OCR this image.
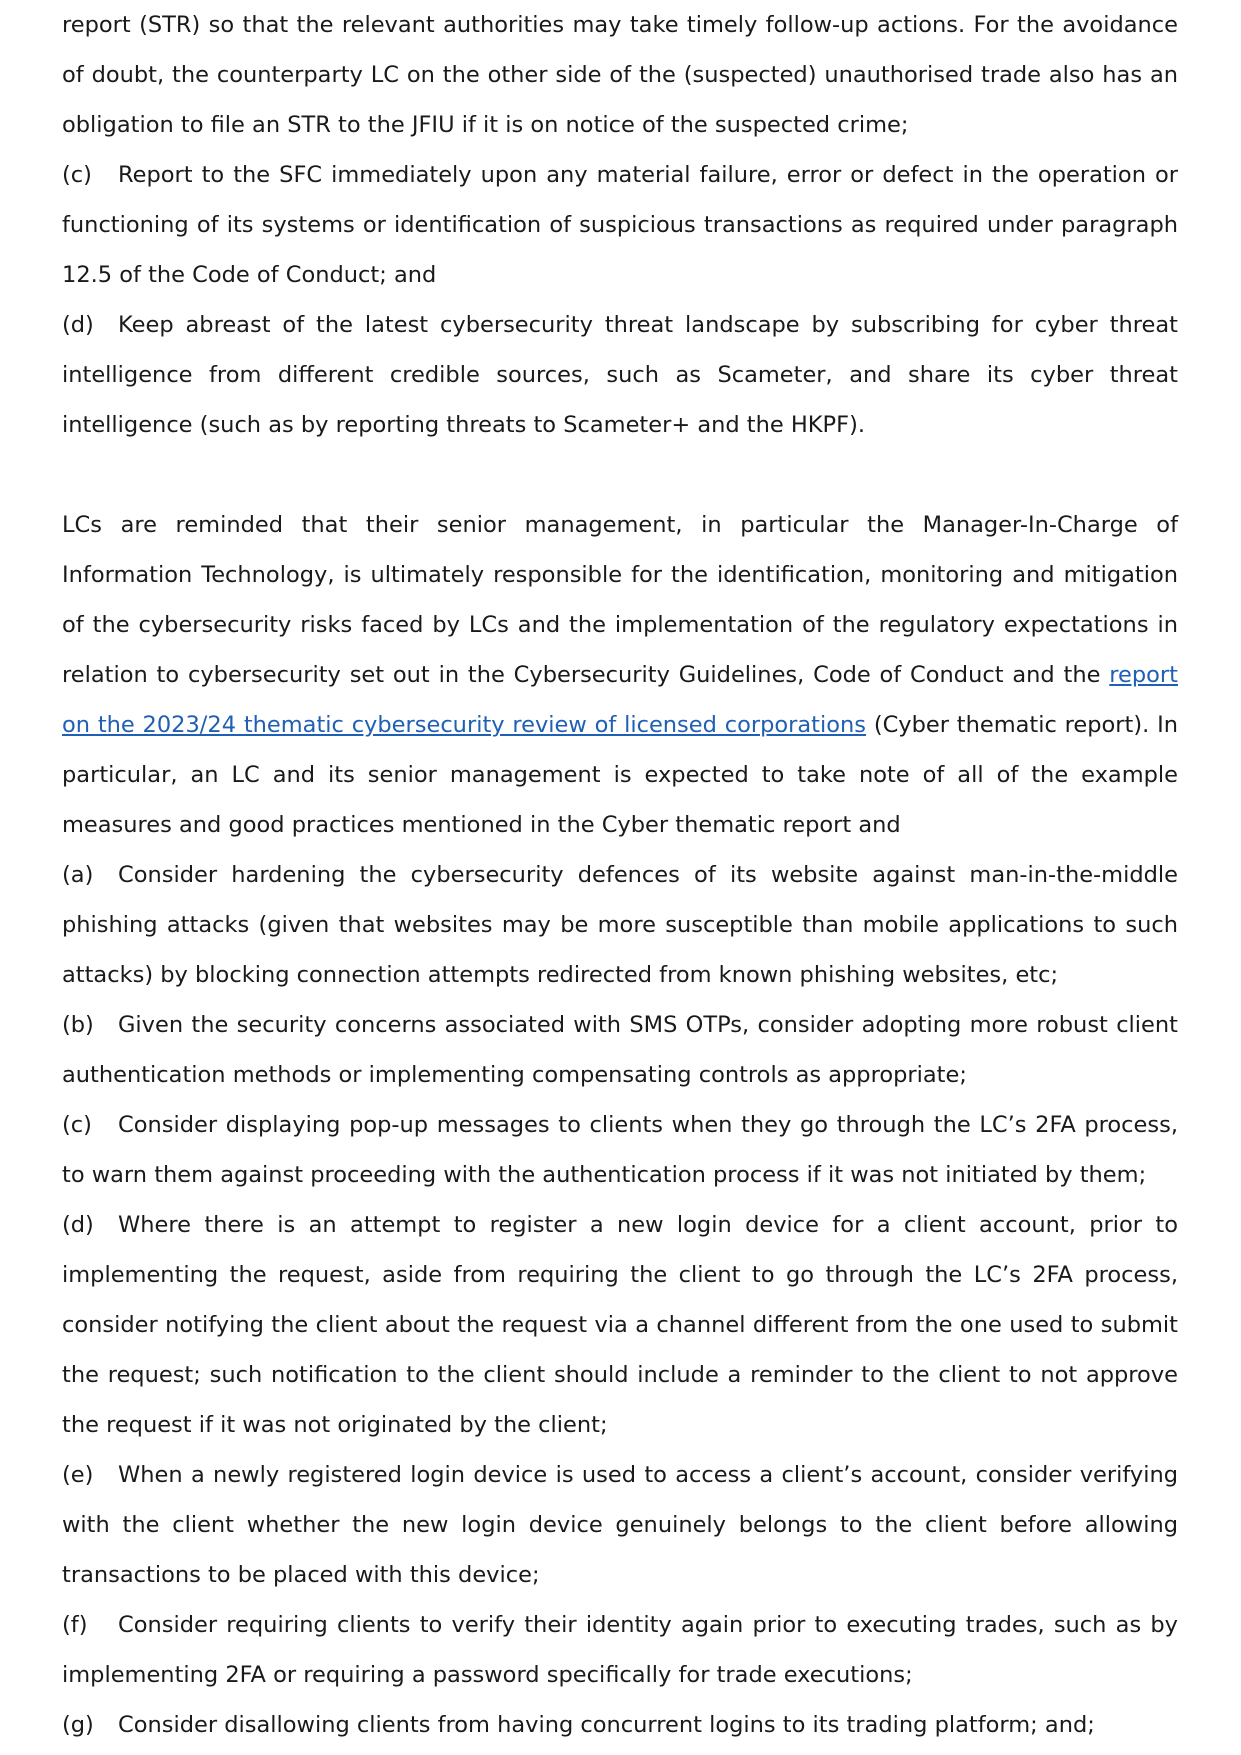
report (STR) so that the relevant authorities may take timely follow-up actions. For the avoidance of doubt, the counterparty LC on the other side of the (suspected) unauthorised trade also has an obligation to file an STR to the JFIU if it is on notice of the suspected crime;

(c) Report to the SFC immediately upon any material failure, error or defect in the operation or functioning of its systems or identification of suspicious transactions as required under paragraph 12.5 of the Code of Conduct; and

(d) Keep abreast of the latest cybersecurity threat landscape by subscribing for cyber threat intelligence from different credible sources, such as Scameter, and share its cyber threat intelligence (such as by reporting threats to Scameter+ and the HKPF).

LCs are reminded that their senior management, in particular the Manager-In-Charge of Information Technology, is ultimately responsible for the identification, monitoring and mitigation of the cybersecurity risks faced by LCs and the implementation of the regulatory expectations in relation to cybersecurity set out in the Cybersecurity Guidelines, Code of Conduct and the report on the 2023/24 thematic cybersecurity review of licensed corporations (Cyber thematic report). In particular, an LC and its senior management is expected to take note of all of the example measures and good practices mentioned in the Cyber thematic report and

(a) Consider hardening the cybersecurity defences of its website against man-in-the-middle phishing attacks (given that websites may be more susceptible than mobile applications to such attacks) by blocking connection attempts redirected from known phishing websites, etc;

(b) Given the security concerns associated with SMS OTPs, consider adopting more robust client authentication methods or implementing compensating controls as appropriate;

(c) Consider displaying pop-up messages to clients when they go through the LC’s 2FA process, to warn them against proceeding with the authentication process if it was not initiated by them;

(d) Where there is an attempt to register a new login device for a client account, prior to implementing the request, aside from requiring the client to go through the LC’s 2FA process, consider notifying the client about the request via a channel different from the one used to submit the request; such notification to the client should include a reminder to the client to not approve the request if it was not originated by the client;

(e) When a newly registered login device is used to access a client’s account, consider verifying with the client whether the new login device genuinely belongs to the client before allowing transactions to be placed with this device;

(f) Consider requiring clients to verify their identity again prior to executing trades, such as by implementing 2FA or requiring a password specifically for trade executions;

(g) Consider disallowing clients from having concurrent logins to its trading platform; and;
